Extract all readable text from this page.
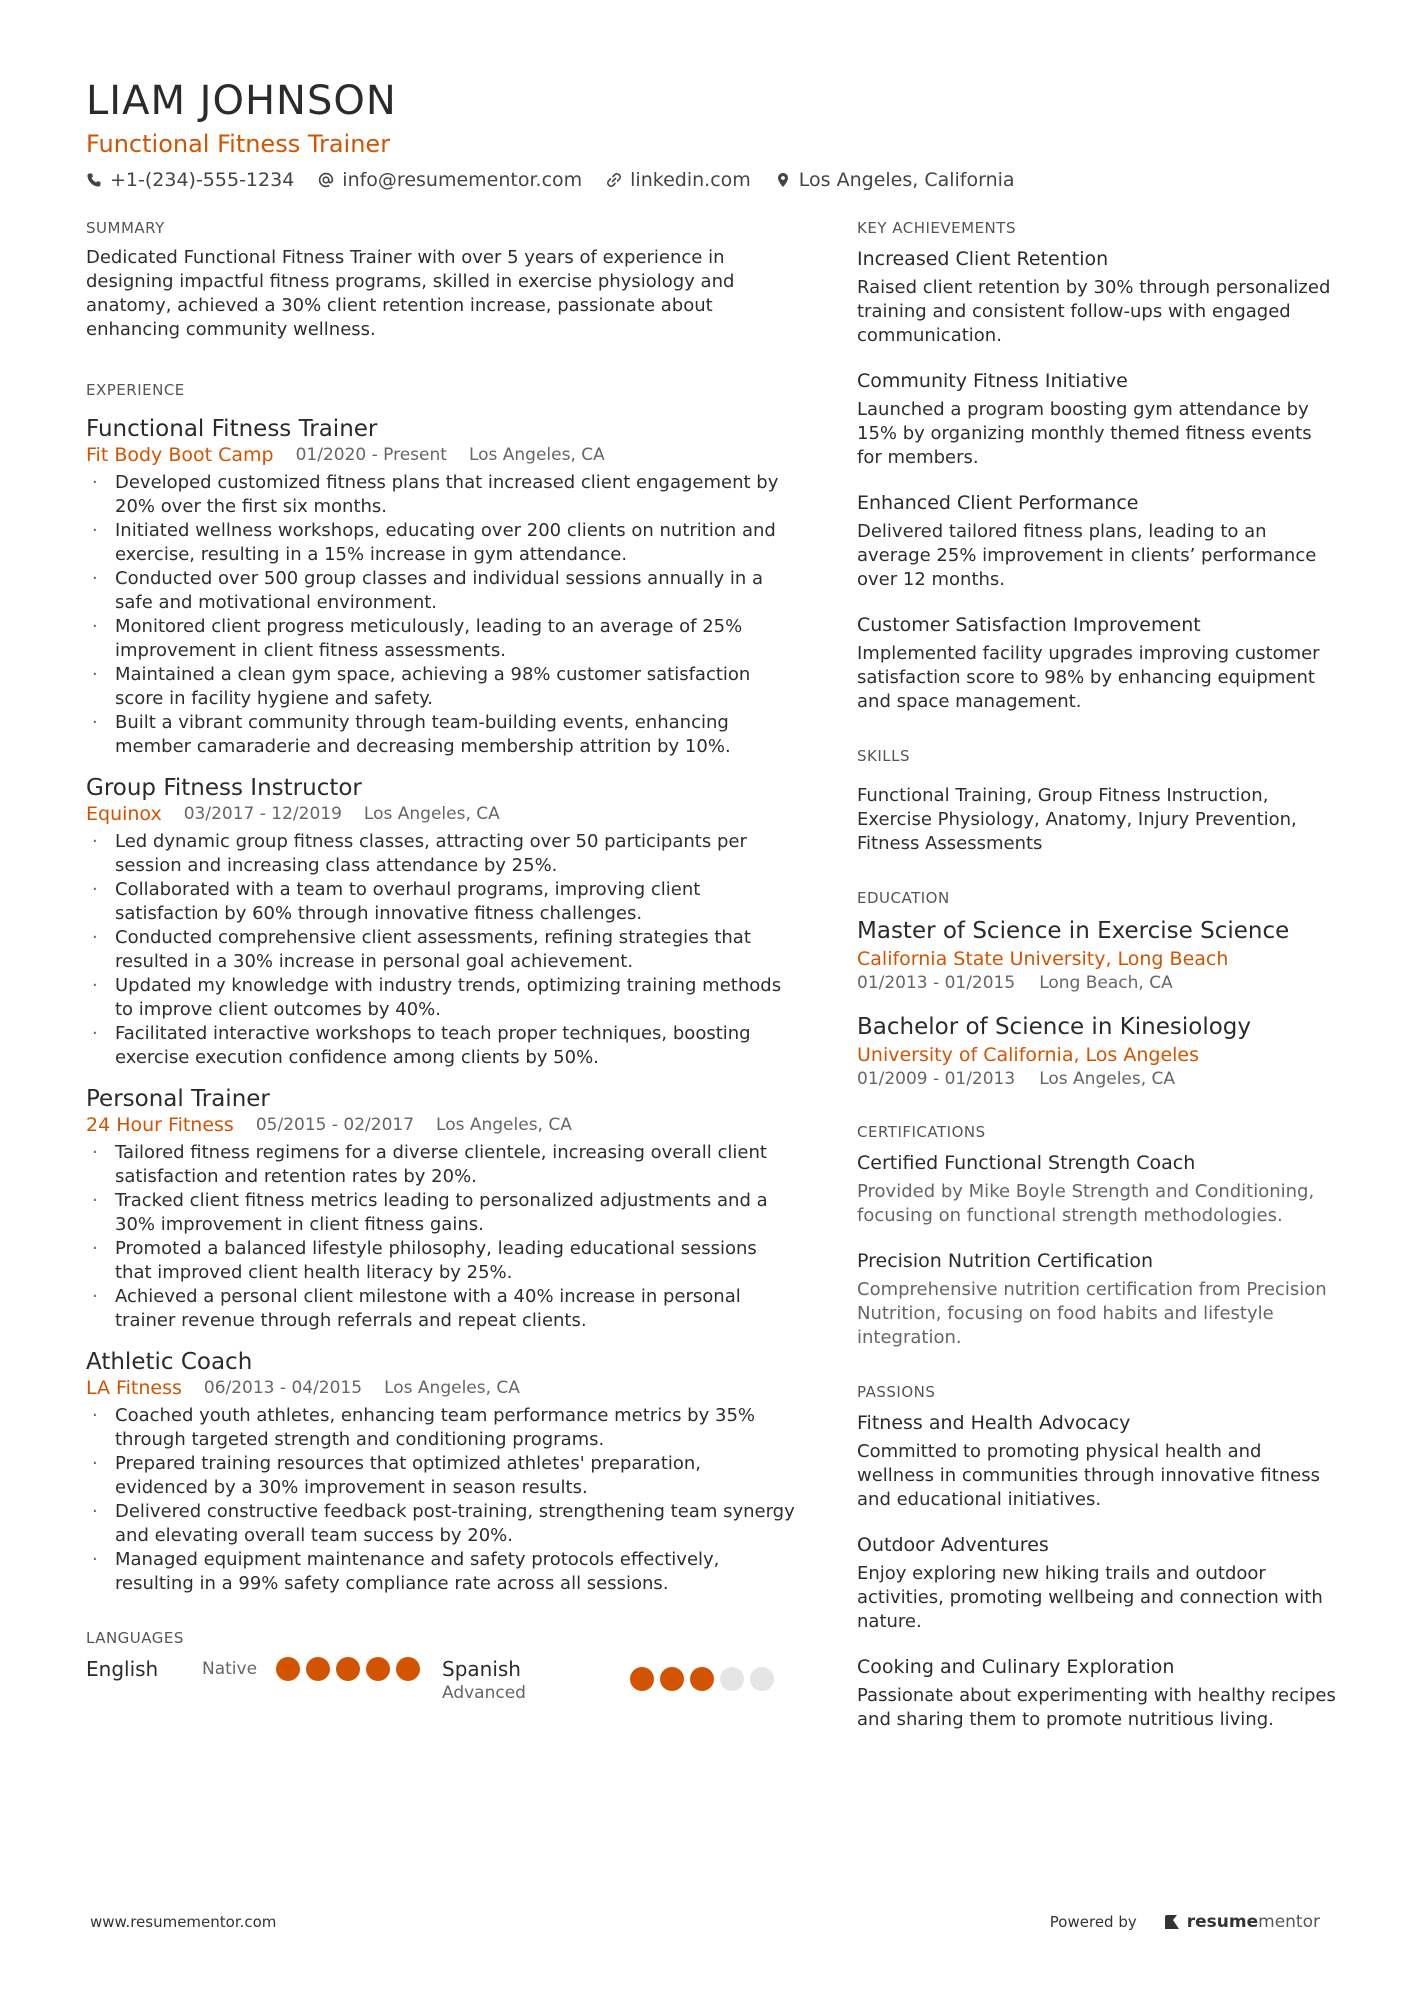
LIAM JOHNSON
Functional Fitness Trainer
+1-(234)-555-1234	info@resumementor.com	linkedin.com	Los Angeles, California
SUMMARY

Dedicated Functional Fitness Trainer with over 5 years of experience in designing impactful fitness programs, skilled in exercise physiology and anatomy, achieved a 30% client retention increase, passionate about enhancing community wellness.

EXPERIENCE
Functional Fitness Trainer
Fit Body Boot Camp 01/2020 - Present Los Angeles, CA
· Developed customized fitness plans that increased client engagement by 20% over the first six months.
· Initiated wellness workshops, educating over 200 clients on nutrition and exercise, resulting in a 15% increase in gym attendance.
· Conducted over 500 group classes and individual sessions annually in a safe and motivational environment.
· Monitored client progress meticulously, leading to an average of 25% improvement in client fitness assessments.
· Maintained a clean gym space, achieving a 98% customer satisfaction score in facility hygiene and safety.
· Built a vibrant community through team-building events, enhancing member camaraderie and decreasing membership attrition by 10%.
Group Fitness Instructor
Equinox 03/2017 - 12/2019 Los Angeles, CA
· Led dynamic group fitness classes, attracting over 50 participants per session and increasing class attendance by 25%.
· Collaborated with a team to overhaul programs, improving client satisfaction by 60% through innovative fitness challenges.
· Conducted comprehensive client assessments, refining strategies that resulted in a 30% increase in personal goal achievement.
· Updated my knowledge with industry trends, optimizing training methods to improve client outcomes by 40%.
· Facilitated interactive workshops to teach proper techniques, boosting exercise execution confidence among clients by 50%.
Personal Trainer
24 Hour Fitness 05/2015 - 02/2017 Los Angeles, CA
· Tailored fitness regimens for a diverse clientele, increasing overall client satisfaction and retention rates by 20%.
· Tracked client fitness metrics leading to personalized adjustments and a 30% improvement in client fitness gains.
· Promoted a balanced lifestyle philosophy, leading educational sessions that improved client health literacy by 25%.
· Achieved a personal client milestone with a 40% increase in personal trainer revenue through referrals and repeat clients.
Athletic Coach
LA Fitness 06/2013 - 04/2015 Los Angeles, CA
· Coached youth athletes, enhancing team performance metrics by 35% through targeted strength and conditioning programs.
· Prepared training resources that optimized athletes' preparation, evidenced by a 30% improvement in season results.
· Delivered constructive feedback post-training, strengthening team synergy and elevating overall team success by 20%.
· Managed equipment maintenance and safety protocols effectively, resulting in a 99% safety compliance rate across all sessions.
LANGUAGES
English	Native	Spanish
Advanced
KEY ACHIEVEMENTS
Increased Client Retention

Raised client retention by 30% through personalized training and consistent follow-ups with engaged communication.

Community Fitness Initiative

Launched a program boosting gym attendance by 15% by organizing monthly themed fitness events for members.

Enhanced Client Performance

Delivered tailored fitness plans, leading to an average 25% improvement in clients’ performance over 12 months.

Customer Satisfaction Improvement

Implemented facility upgrades improving customer satisfaction score to 98% by enhancing equipment and space management.

SKILLS

Functional Training, Group Fitness Instruction, Exercise Physiology, Anatomy, Injury Prevention, Fitness Assessments

EDUCATION
Master of Science in Exercise Science
California State University, Long Beach
01/2013 - 01/2015 Long Beach, CA
Bachelor of Science in Kinesiology
University of California, Los Angeles
01/2009 - 01/2013 Los Angeles, CA
CERTIFICATIONS
Certified Functional Strength Coach

Provided by Mike Boyle Strength and Conditioning, focusing on functional strength methodologies.

Precision Nutrition Certification

Comprehensive nutrition certification from Precision Nutrition, focusing on food habits and lifestyle integration.

PASSIONS
Fitness and Health Advocacy

Committed to promoting physical health and wellness in communities through innovative fitness and educational initiatives.

Outdoor Adventures

Enjoy exploring new hiking trails and outdoor activities, promoting wellbeing and connection with nature.

Cooking and Culinary Exploration

Passionate about experimenting with healthy recipes and sharing them to promote nutritious living.

www.resumementor.com	Powered by	resumementor
